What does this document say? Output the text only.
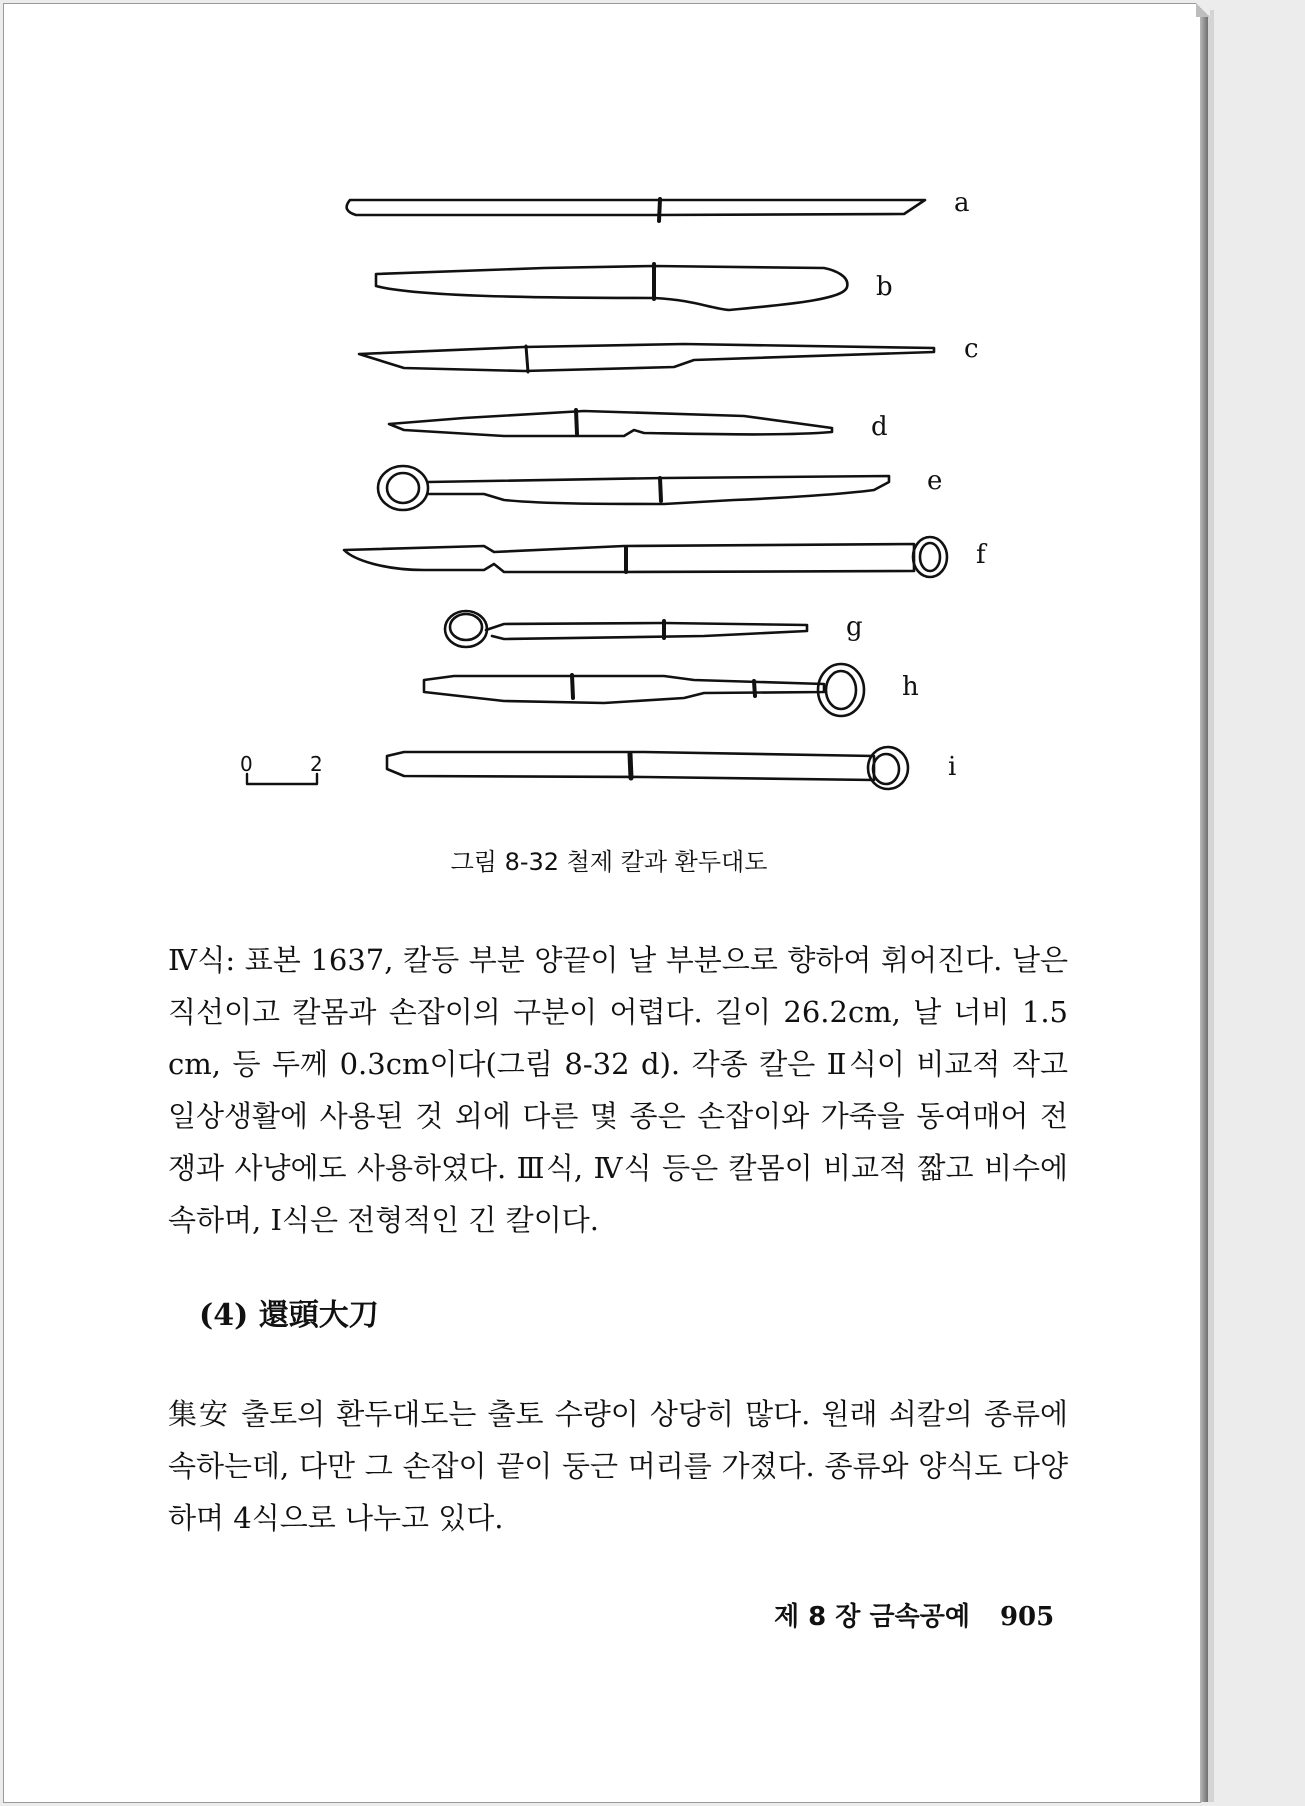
a
b
c
d
e
f
g
h
i
0	2
그림 8-32 철제 칼과 환두대도

Ⅳ식: 표본 1637, 칼등 부분 양끝이 날 부분으로 향하여 휘어진다. 날은 직선이고 칼몸과 손잡이의 구분이 어렵다. 길이 26.2cm, 날 너비 1.5 cm, 등 두께 0.3cm이다(그림 8-32 d). 각종 칼은 Ⅱ식이 비교적 작고 일상생활에 사용된 것 외에 다른 몇 종은 손잡이와 가죽을 동여매어 전쟁과 사냥에도 사용하였다. Ⅲ식, Ⅳ식 등은 칼몸이 비교적 짧고 비수에 속하며, Ⅰ식은 전형적인 긴 칼이다.

(4) 還頭大刀

集安 출토의 환두대도는 출토 수량이 상당히 많다. 원래 쇠칼의 종류에 속하는데, 다만 그 손잡이 끝이 둥근 머리를 가졌다. 종류와 양식도 다양하며 4식으로 나누고 있다.

제 8 장 금속공예 905
